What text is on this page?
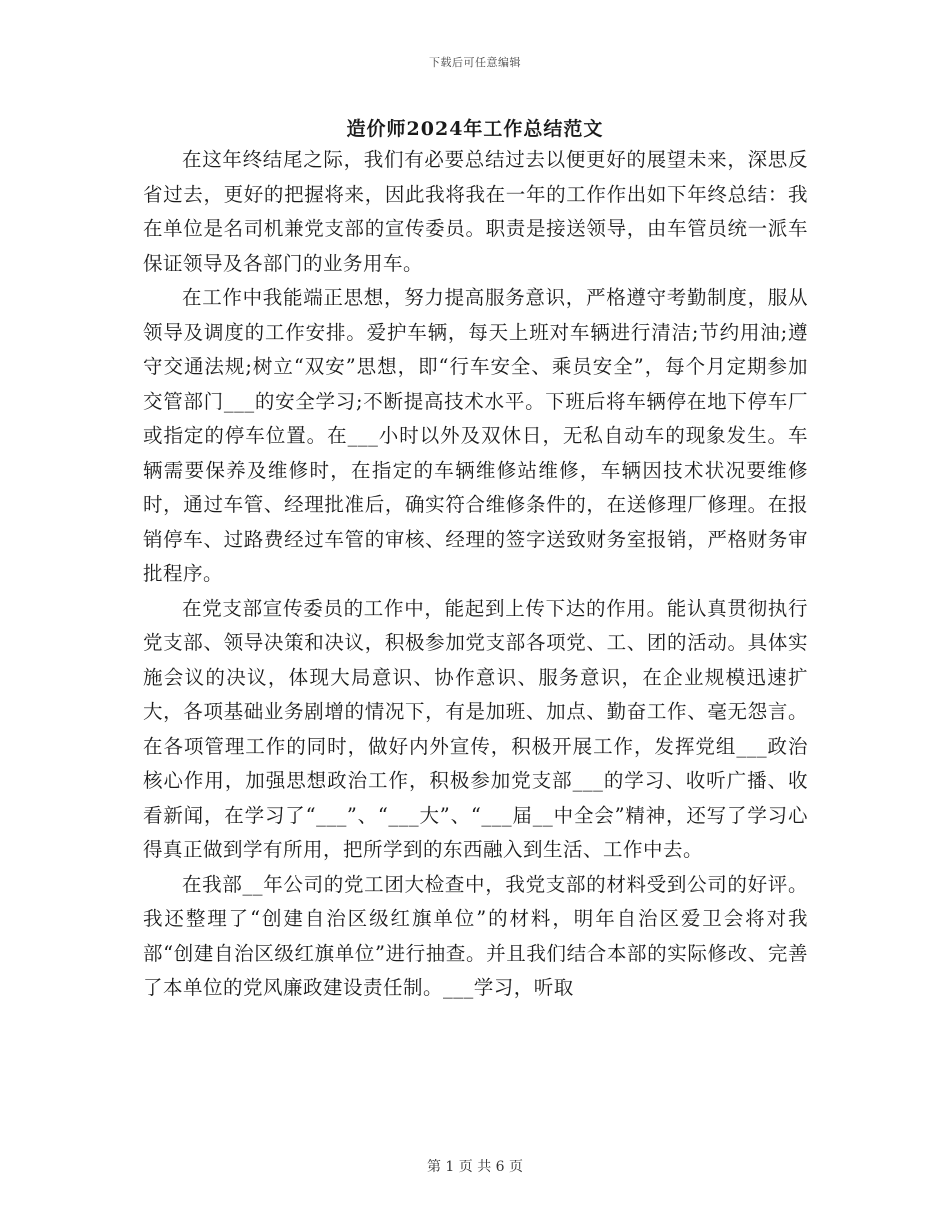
下载后可任意编辑
造价师2024年工作总结范文

在这年终结尾之际，我们有必要总结过去以便更好的展望未来，深思反省过去，更好的把握将来，因此我将我在一年的工作作出如下年终总结：我在单位是名司机兼党支部的宣传委员。职责是接送领导，由车管员统一派车保证领导及各部门的业务用车。

在工作中我能端正思想，努力提高服务意识，严格遵守考勤制度，服从领导及调度的工作安排。爱护车辆，每天上班对车辆进行清洁;节约用油;遵守交通法规;树立“双安”思想，即“行车安全、乘员安全”，每个月定期参加交管部门___的安全学习;不断提高技术水平。下班后将车辆停在地下停车厂或指定的停车位置。在___小时以外及双休日，无私自动车的现象发生。车辆需要保养及维修时，在指定的车辆维修站维修，车辆因技术状况要维修时，通过车管、经理批准后，确实符合维修条件的，在送修理厂修理。在报销停车、过路费经过车管的审核、经理的签字送致财务室报销，严格财务审批程序。

在党支部宣传委员的工作中，能起到上传下达的作用。能认真贯彻执行党支部、领导决策和决议，积极参加党支部各项党、工、团的活动。具体实施会议的决议，体现大局意识、协作意识、服务意识，在企业规模迅速扩大，各项基础业务剧增的情况下，有是加班、加点、勤奋工作、毫无怨言。在各项管理工作的同时，做好内外宣传，积极开展工作，发挥党组___政治核心作用，加强思想政治工作，积极参加党支部___的学习、收听广播、收看新闻，在学习了“___”、“___大”、“___届__中全会”精神，还写了学习心得真正做到学有所用，把所学到的东西融入到生活、工作中去。

在我部__年公司的党工团大检查中，我党支部的材料受到公司的好评。我还整理了“创建自治区级红旗单位”的材料，明年自治区爱卫会将对我部“创建自治区级红旗单位”进行抽查。并且我们结合本部的实际修改、完善了本单位的党风廉政建设责任制。___学习，听取

第 1 页 共 6 页
